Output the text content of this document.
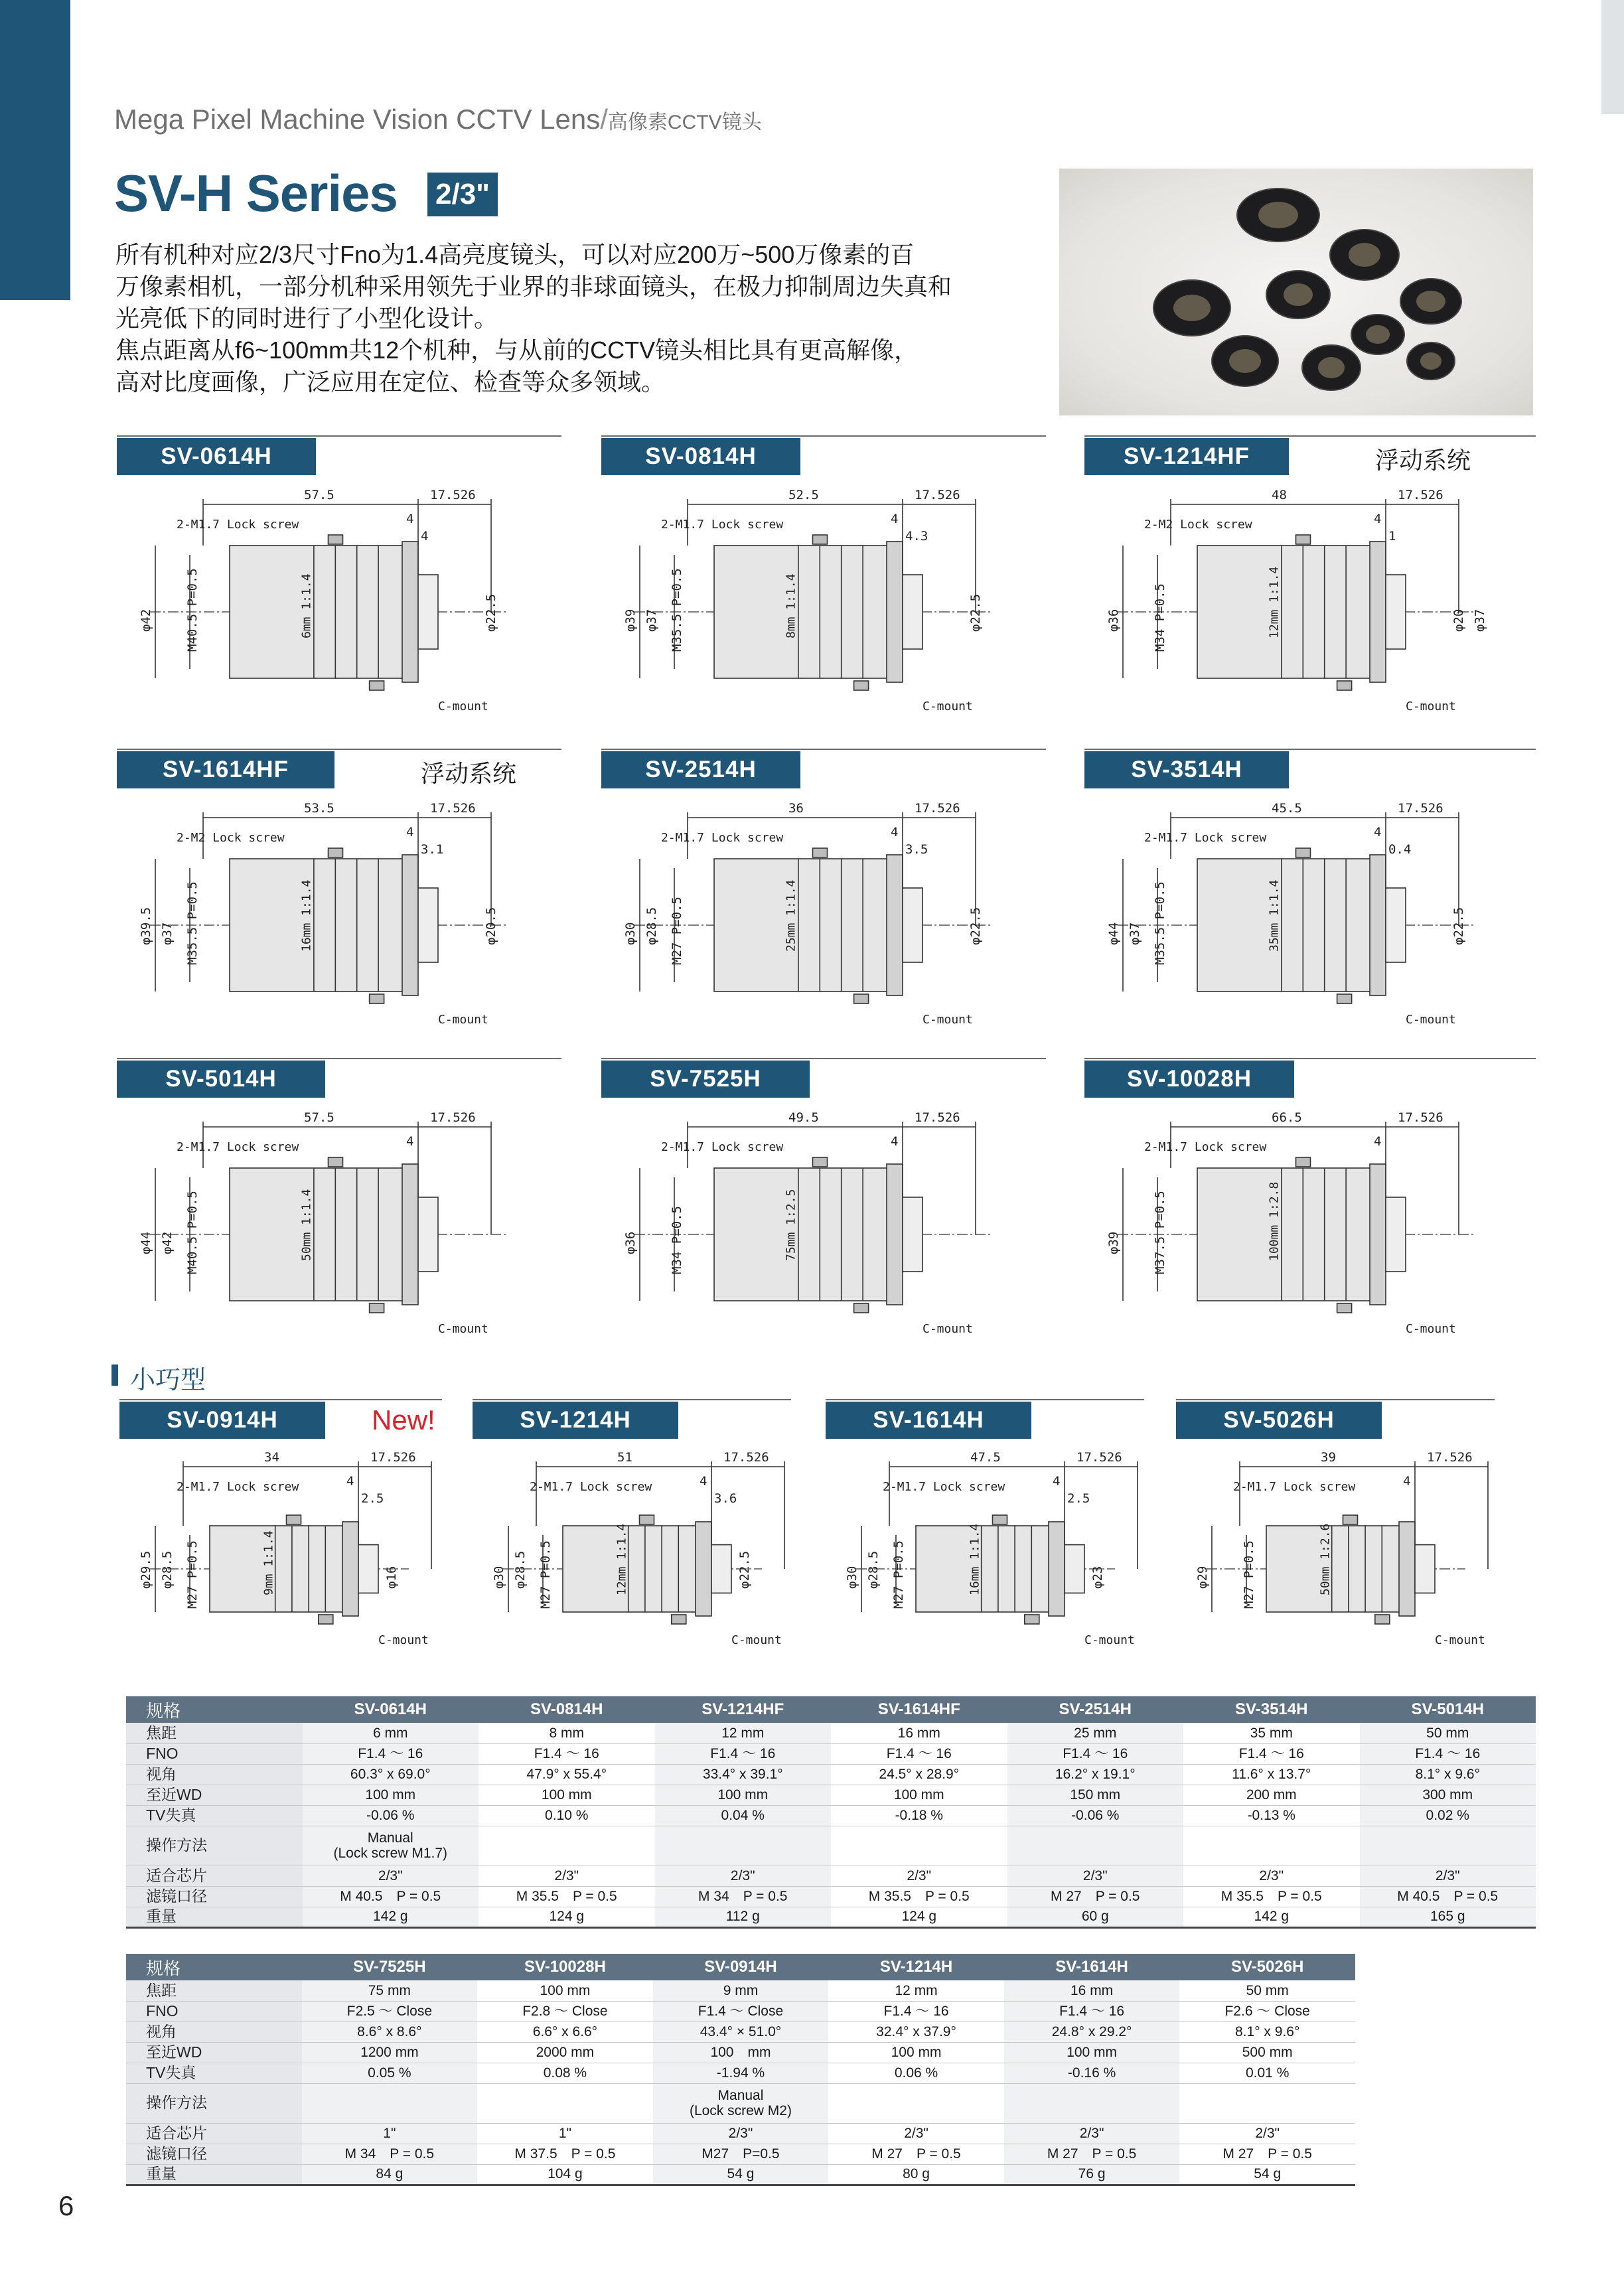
Mega Pixel Machine Vision CCTV Lens/高像素CCTV镜头
SV-H Series 2/3"

所有机种对应2/3尺寸Fno为1.4高亮度镜头，可以对应200万~500万像素的百

万像素相机，一部分机种采用领先于业界的非球面镜头，在极力抑制周边失真和

光亮低下的同时进行了小型化设计。

焦点距离从f6~100mm共12个机种，与从前的CCTV镜头相比具有更高解像，

高对比度画像，广泛应用在定位、检查等众多领域。

SV-0614H
57.5	17.526
4
4
2-M1.7 Lock screw
φ42	M40.5 P=0.5	φ22.5
C-mount
6mm 1:1.4
SV-0814H
52.5	17.526
4
4.3
2-M1.7 Lock screw
φ39 φ37 M35.5 P=0.5	φ22.5
C-mount
8mm 1:1.4
SV-1214HF	浮动系统
48	17.526
4
1
2-M2 Lock screw
φ36	M34 P=0.5	φ20 φ37
C-mount
12mm 1:1.4
SV-1614HF	浮动系统
53.5	17.526
4
3.1
2-M2 Lock screw
φ39.5 φ37 M35.5 P=0.5	φ20.5
C-mount
16mm 1:1.4
SV-2514H
36	17.526
4
3.5
2-M1.7 Lock screw
φ30 φ28.5 M27 P=0.5	φ22.5
C-mount
25mm 1:1.4
SV-3514H
45.5	17.526
4
0.4
2-M1.7 Lock screw
φ44 φ37 M35.5 P=0.5	φ22.5
C-mount
35mm 1:1.4
SV-5014H
57.5	17.526
4
2-M1.7 Lock screw
φ44 φ42 M40.5 P=0.5
C-mount
50mm 1:1.4
SV-7525H
49.5	17.526
4
2-M1.7 Lock screw
φ36	M34 P=0.5
C-mount
75mm 1:2.5
SV-10028H
66.5	17.526
4
2-M1.7 Lock screw
φ39	M37.5 P=0.5
C-mount
100mm 1:2.8
小巧型
SV-0914H	New!
34	17.526
4
2.5
2-M1.7 Lock screw
φ29.5 φ28.5 M27 P=0.5	φ16
C-mount
9mm 1:1.4
SV-1214H
51	17.526
4
3.6
2-M1.7 Lock screw
φ30 φ28.5 M27 P=0.5	φ22.5
C-mount
12mm 1:1.4
SV-1614H
47.5	17.526
4
2.5
2-M1.7 Lock screw
φ30 φ28.5 M27 P=0.5	φ23
C-mount
16mm 1:1.4
SV-5026H
39	17.526
4
2-M1.7 Lock screw
φ29	M27 P=0.5
C-mount
50mm 1:2.6
规格	SV-0614H	SV-0814H	SV-1214HF	SV-1614HF	SV-2514H	SV-3514H	SV-5014H
焦距	6 mm	8 mm	12 mm	16 mm	25 mm	35 mm	50 mm
FNO	F1.4 ～ 16	F1.4 ～ 16	F1.4 ～ 16	F1.4 ～ 16	F1.4 ～ 16	F1.4 ～ 16	F1.4 ～ 16
视角	60.3° x 69.0°	47.9° x 55.4°	33.4° x 39.1°	24.5° x 28.9°	16.2° x 19.1°	11.6° x 13.7°	8.1° x 9.6°
至近WD	100 mm	100 mm	100 mm	100 mm	150 mm	200 mm	300 mm
TV失真	-0.06 %	0.10 %	0.04 %	-0.18 %	-0.06 %	-0.13 %	0.02 %
操作方法	Manual
(Lock screw M1.7)						
适合芯片	2/3"	2/3"	2/3"	2/3"	2/3"	2/3"	2/3"
滤镜口径	M 40.5　P = 0.5	M 35.5　P = 0.5	M 34　P = 0.5	M 35.5　P = 0.5	M 27　P = 0.5	M 35.5　P = 0.5	M 40.5　P = 0.5
重量	142 g	124 g	112 g	124 g	60 g	142 g	165 g
规格	SV-7525H	SV-10028H	SV-0914H	SV-1214H	SV-1614H	SV-5026H
焦距	75 mm	100 mm	9 mm	12 mm	16 mm	50 mm
FNO	F2.5 ～ Close	F2.8 ～ Close	F1.4 ～ Close	F1.4 ～ 16	F1.4 ～ 16	F2.6 ～ Close
视角	8.6° x 8.6°	6.6° x 6.6°	43.4° × 51.0°	32.4° x 37.9°	24.8° x 29.2°	8.1° x 9.6°
至近WD	1200 mm	2000 mm	100　mm	100 mm	100 mm	500 mm
TV失真	0.05 %	0.08 %	-1.94 %	0.06 %	-0.16 %	0.01 %
操作方法			Manual
(Lock screw M2)			
适合芯片	1"	1"	2/3"	2/3"	2/3"	2/3"
滤镜口径	M 34　P = 0.5	M 37.5　P = 0.5	M27　P=0.5	M 27　P = 0.5	M 27　P = 0.5	M 27　P = 0.5
重量	84 g	104 g	54 g	80 g	76 g	54 g
6
